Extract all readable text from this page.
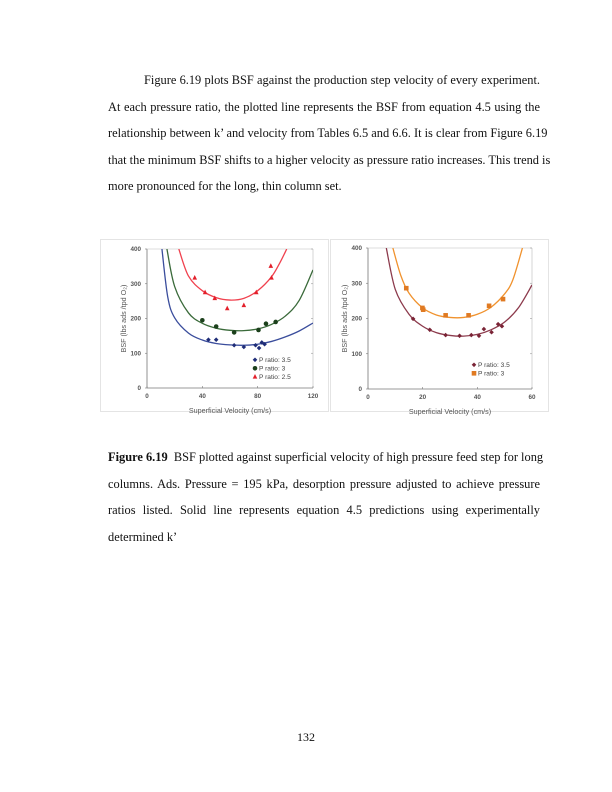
Figure 6.19 plots BSF against the production step velocity of every experiment.
At each pressure ratio, the plotted line represents the BSF from equation 4.5 using the
relationship between k’ and velocity from Tables 6.5 and 6.6. It is clear from Figure 6.19
that the minimum BSF shifts to a higher velocity as pressure ratio increases. This trend is
more pronounced for the long, thin column set.
0
100
200
300
400
0	40	80	120
Superficial Velocity (cm/s)
BSF (lbs ads /tpd O₂)
P ratio: 3.5
P ratio: 3
P ratio: 2.5
0
100
200
300
400
0	20	40	60
Superficial Velocity (cm/s)
BSF (lbs ads /tpd O₂)
P ratio: 3.5
P ratio: 3
Figure 6.19 BSF plotted against superficial velocity of high pressure feed step for long
columns. Ads. Pressure = 195 kPa, desorption pressure adjusted to achieve pressure
ratios listed. Solid line represents equation 4.5 predictions using experimentally
determined k’
132
